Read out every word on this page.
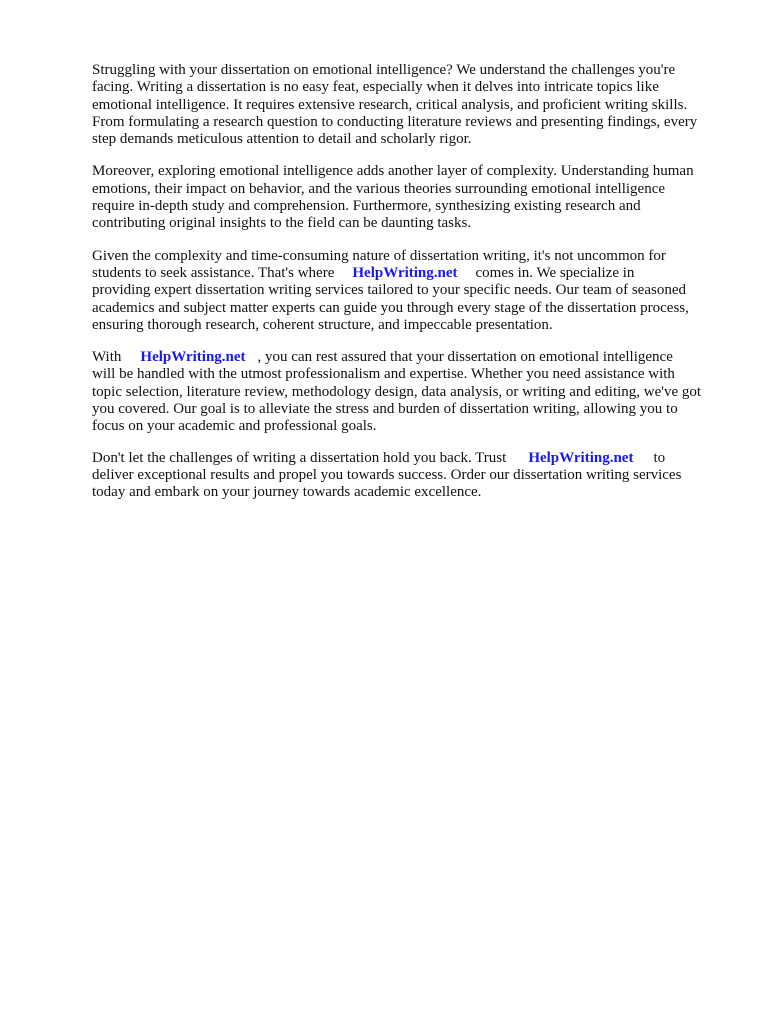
Struggling with your dissertation on emotional intelligence? We understand the challenges you're
facing. Writing a dissertation is no easy feat, especially when it delves into intricate topics like
emotional intelligence. It requires extensive research, critical analysis, and proficient writing skills.
From formulating a research question to conducting literature reviews and presenting findings, every
step demands meticulous attention to detail and scholarly rigor.

Moreover, exploring emotional intelligence adds another layer of complexity. Understanding human
emotions, their impact on behavior, and the various theories surrounding emotional intelligence
require in-depth study and comprehension. Furthermore, synthesizing existing research and
contributing original insights to the field can be daunting tasks.

Given the complexity and time-consuming nature of dissertation writing, it's not uncommon for
students to seek assistance. That's where HelpWriting.net comes in. We specialize in
providing expert dissertation writing services tailored to your specific needs. Our team of seasoned
academics and subject matter experts can guide you through every stage of the dissertation process,
ensuring thorough research, coherent structure, and impeccable presentation.

With HelpWriting.net , you can rest assured that your dissertation on emotional intelligence
will be handled with the utmost professionalism and expertise. Whether you need assistance with
topic selection, literature review, methodology design, data analysis, or writing and editing, we've got
you covered. Our goal is to alleviate the stress and burden of dissertation writing, allowing you to
focus on your academic and professional goals.

Don't let the challenges of writing a dissertation hold you back. Trust HelpWriting.net to
deliver exceptional results and propel you towards success. Order our dissertation writing services
today and embark on your journey towards academic excellence.
